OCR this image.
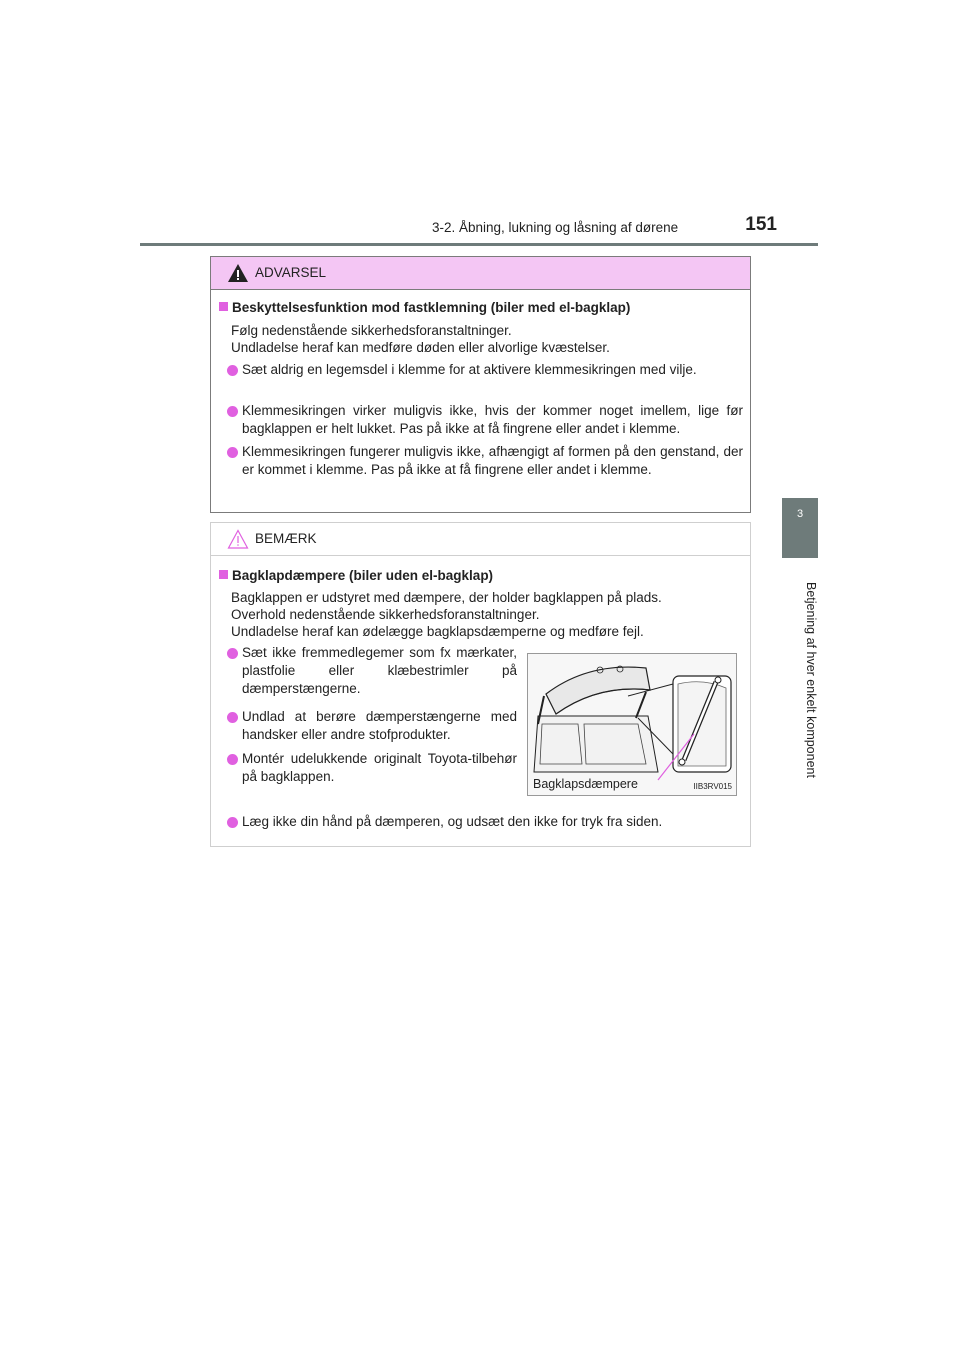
3-2. Åbning, lukning og låsning af dørene	151
3
Betjening af hver enkelt komponent
ADVARSEL
Beskyttelsesfunktion mod fastklemning (biler med el-bagklap)
Følg nedenstående sikkerhedsforanstaltninger.
Undladelse heraf kan medføre døden eller alvorlige kvæstelser.
Sæt aldrig en legemsdel i klemme for at aktivere klemmesikringen med vilje.
Klemmesikringen virker muligvis ikke, hvis der kommer noget imellem, lige før bagklappen er helt lukket. Pas på ikke at få fingrene eller andet i klemme.
Klemmesikringen fungerer muligvis ikke, afhængigt af formen på den genstand, der er kommet i klemme. Pas på ikke at få fingrene eller andet i klemme.
BEMÆRK
Bagklapdæmpere (biler uden el-bagklap)
Bagklappen er udstyret med dæmpere, der holder bagklappen på plads.
Overhold nedenstående sikkerhedsforanstaltninger.
Undladelse heraf kan ødelægge bagklapsdæmperne og medføre fejl.
Sæt ikke fremmedlegemer som fx mærkater, plastfolie eller klæbestrimler på dæmperstængerne.
Undlad at berøre dæmperstængerne med handsker eller andre stofprodukter.
Montér udelukkende originalt Toyota-tilbehør på bagklappen.	Bagklapsdæmpere	IIB3RV015
Læg ikke din hånd på dæmperen, og udsæt den ikke for tryk fra siden.
